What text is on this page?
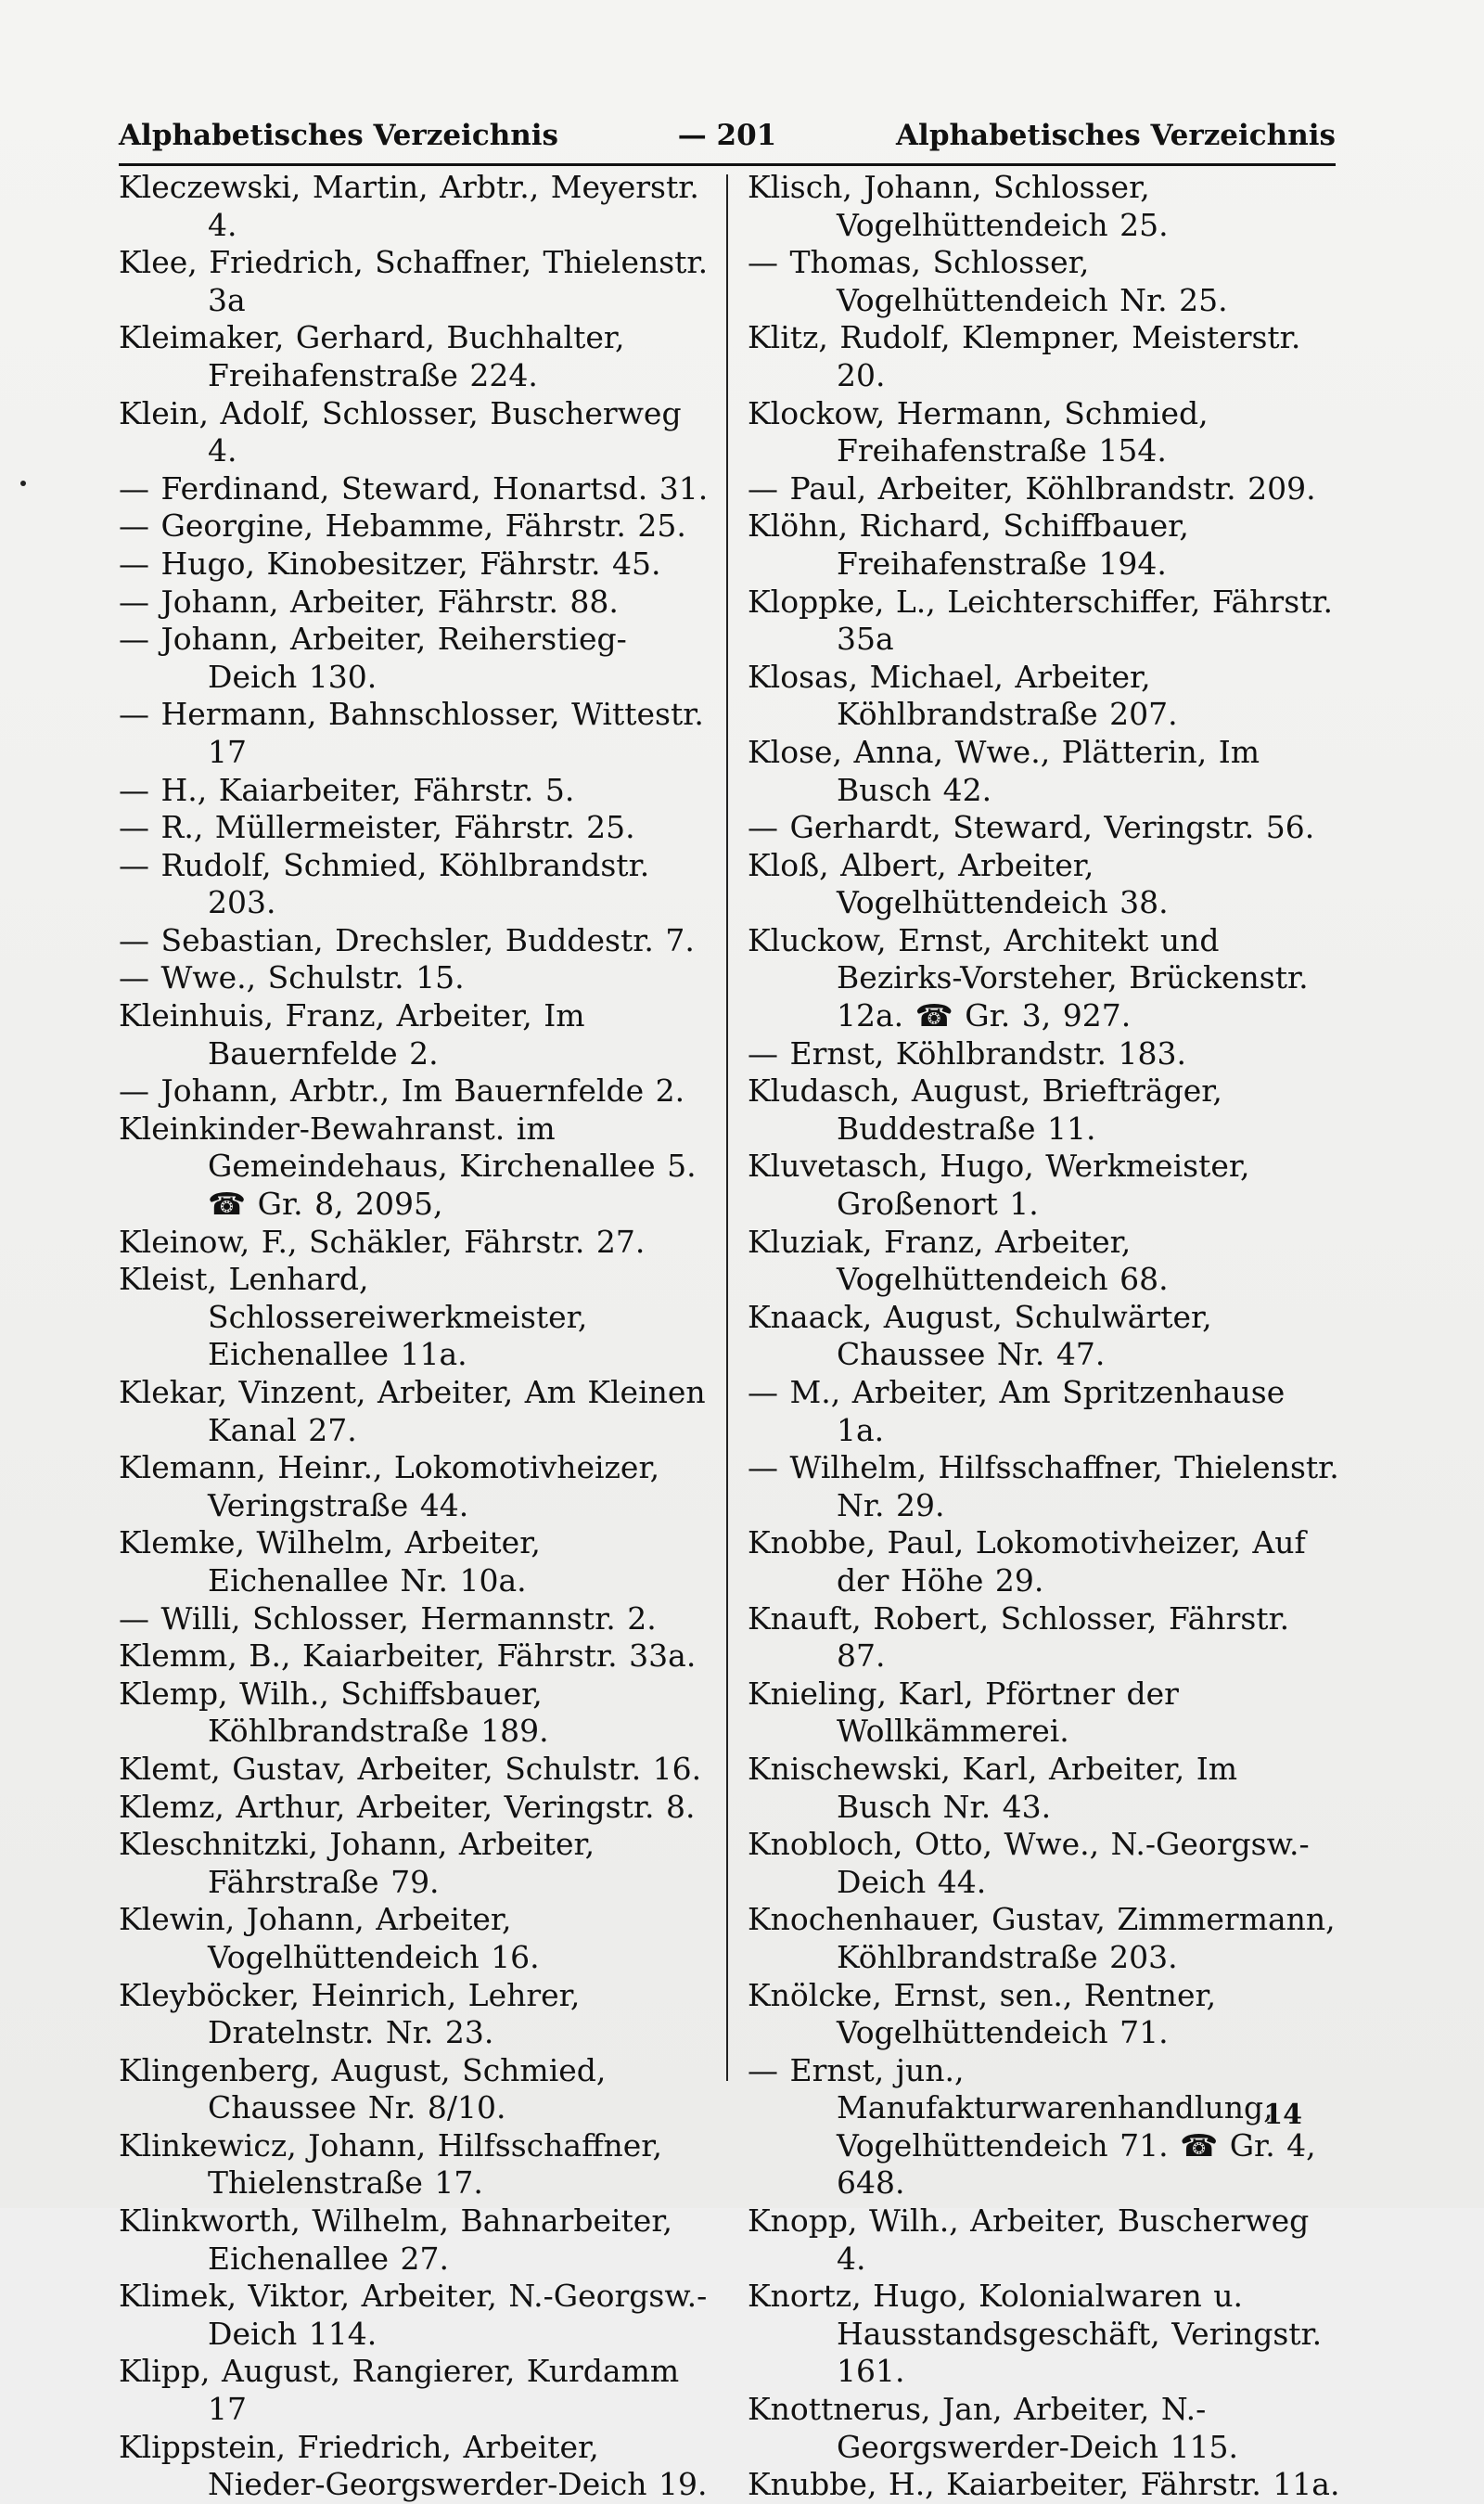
Alphabetisches Verzeichnis	— 201	Alphabetisches Verzeichnis

Kleczewski, Martin, Arbtr., Meyerstr. 4.

Klee, Friedrich, Schaffner, Thielenstr. 3a

Kleimaker, Gerhard, Buchhalter, Freihafenstraße 224.

Klein, Adolf, Schlosser, Buscherweg 4.

— Ferdinand, Steward, Honartsd. 31.

— Georgine, Hebamme, Fährstr. 25.

— Hugo, Kinobesitzer, Fährstr. 45.

— Johann, Arbeiter, Fährstr. 88.

— Johann, Arbeiter, Reiherstieg-Deich 130.

— Hermann, Bahnschlosser, Wittestr. 17

— H., Kaiarbeiter, Fährstr. 5.

— R., Müllermeister, Fährstr. 25.

— Rudolf, Schmied, Köhlbrandstr. 203.

— Sebastian, Drechsler, Buddestr. 7.

— Wwe., Schulstr. 15.

Kleinhuis, Franz, Arbeiter, Im Bauernfelde 2.

— Johann, Arbtr., Im Bauernfelde 2.

Kleinkinder-Bewahranst. im Gemeindehaus, Kirchenallee 5. ☎ Gr. 8, 2095,

Kleinow, F., Schäkler, Fährstr. 27.

Kleist, Lenhard, Schlossereiwerkmeister, Eichenallee 11a.

Klekar, Vinzent, Arbeiter, Am Kleinen Kanal 27.

Klemann, Heinr., Lokomotivheizer, Veringstraße 44.

Klemke, Wilhelm, Arbeiter, Eichenallee Nr. 10a.

— Willi, Schlosser, Hermannstr. 2.

Klemm, B., Kaiarbeiter, Fährstr. 33a.

Klemp, Wilh., Schiffsbauer, Köhlbrandstraße 189.

Klemt, Gustav, Arbeiter, Schulstr. 16.

Klemz, Arthur, Arbeiter, Veringstr. 8.

Kleschnitzki, Johann, Arbeiter, Fährstraße 79.

Klewin, Johann, Arbeiter, Vogelhüttendeich 16.

Kleyböcker, Heinrich, Lehrer, Dratelnstr. Nr. 23.

Klingenberg, August, Schmied, Chaussee Nr. 8/10.

Klinkewicz, Johann, Hilfsschaffner, Thielenstraße 17.

Klinkworth, Wilhelm, Bahnarbeiter, Eichenallee 27.

Klimek, Viktor, Arbeiter, N.-Georgsw.-Deich 114.

Klipp, August, Rangierer, Kurdamm 17

Klippstein, Friedrich, Arbeiter, Nieder-Georgswerder-Deich 19.

Klisch, Johann, Schlosser, Vogelhüttendeich 25.

— Thomas, Schlosser, Vogelhüttendeich Nr. 25.

Klitz, Rudolf, Klempner, Meisterstr. 20.

Klockow, Hermann, Schmied, Freihafenstraße 154.

— Paul, Arbeiter, Köhlbrandstr. 209.

Klöhn, Richard, Schiffbauer, Freihafenstraße 194.

Kloppke, L., Leichterschiffer, Fährstr. 35a

Klosas, Michael, Arbeiter, Köhlbrandstraße 207.

Klose, Anna, Wwe., Plätterin, Im Busch 42.

— Gerhardt, Steward, Veringstr. 56.

Kloß, Albert, Arbeiter, Vogelhüttendeich 38.

Kluckow, Ernst, Architekt und Bezirks-Vorsteher, Brückenstr. 12a. ☎ Gr. 3, 927.

— Ernst, Köhlbrandstr. 183.

Kludasch, August, Briefträger, Buddestraße 11.

Kluvetasch, Hugo, Werkmeister, Großenort 1.

Kluziak, Franz, Arbeiter, Vogelhüttendeich 68.

Knaack, August, Schulwärter, Chaussee Nr. 47.

— M., Arbeiter, Am Spritzenhause 1a.

— Wilhelm, Hilfsschaffner, Thielenstr. Nr. 29.

Knobbe, Paul, Lokomotivheizer, Auf der Höhe 29.

Knauft, Robert, Schlosser, Fährstr. 87.

Knieling, Karl, Pförtner der Wollkämmerei.

Knischewski, Karl, Arbeiter, Im Busch Nr. 43.

Knobloch, Otto, Wwe., N.-Georgsw.-Deich 44.

Knochenhauer, Gustav, Zimmermann, Köhlbrandstraße 203.

Knölcke, Ernst, sen., Rentner, Vogelhüttendeich 71.

— Ernst, jun., Manufakturwarenhandlung, Vogelhüttendeich 71. ☎ Gr. 4, 648.

Knopp, Wilh., Arbeiter, Buscherweg 4.

Knortz, Hugo, Kolonialwaren u. Hausstandsgeschäft, Veringstr. 161.

Knottnerus, Jan, Arbeiter, N.-Georgswerder-Deich 115.

Knubbe, H., Kaiarbeiter, Fährstr. 11a.

14
